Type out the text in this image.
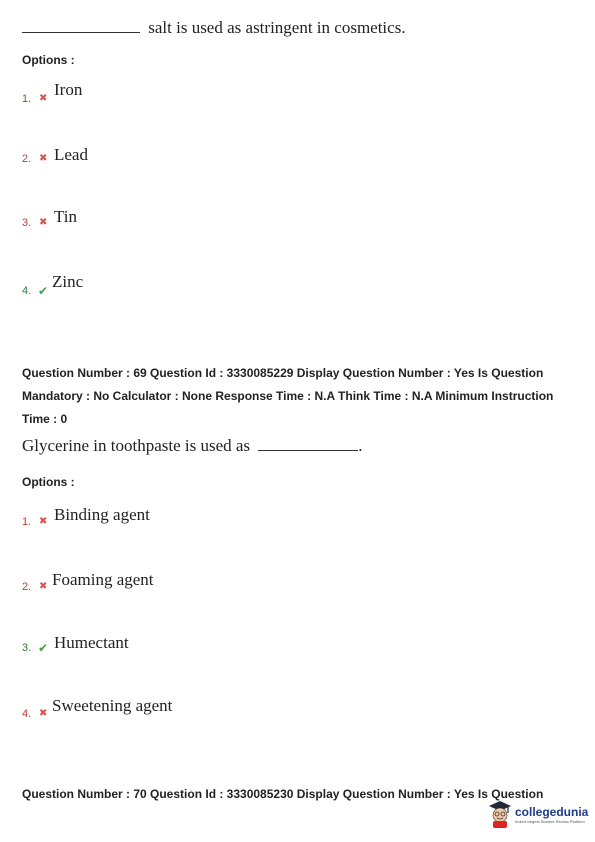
salt is used as astringent in cosmetics.
Options :
1. ✖ Iron
2. ✖ Lead
3. ✖ Tin
4. ✔ Zinc
Question Number : 69 Question Id : 3330085229 Display Question Number : Yes Is Question
Mandatory : No Calculator : None Response Time : N.A Think Time : N.A Minimum Instruction
Time : 0
Glycerine in toothpaste is used as	.
Options :
1. ✖ Binding agent
2. ✖ Foaming agent
3. ✔ Humectant
4. ✖ Sweetening agent
Question Number : 70 Question Id : 3330085230 Display Question Number : Yes Is Question
collegedunia
India's largest Student Review Platform
